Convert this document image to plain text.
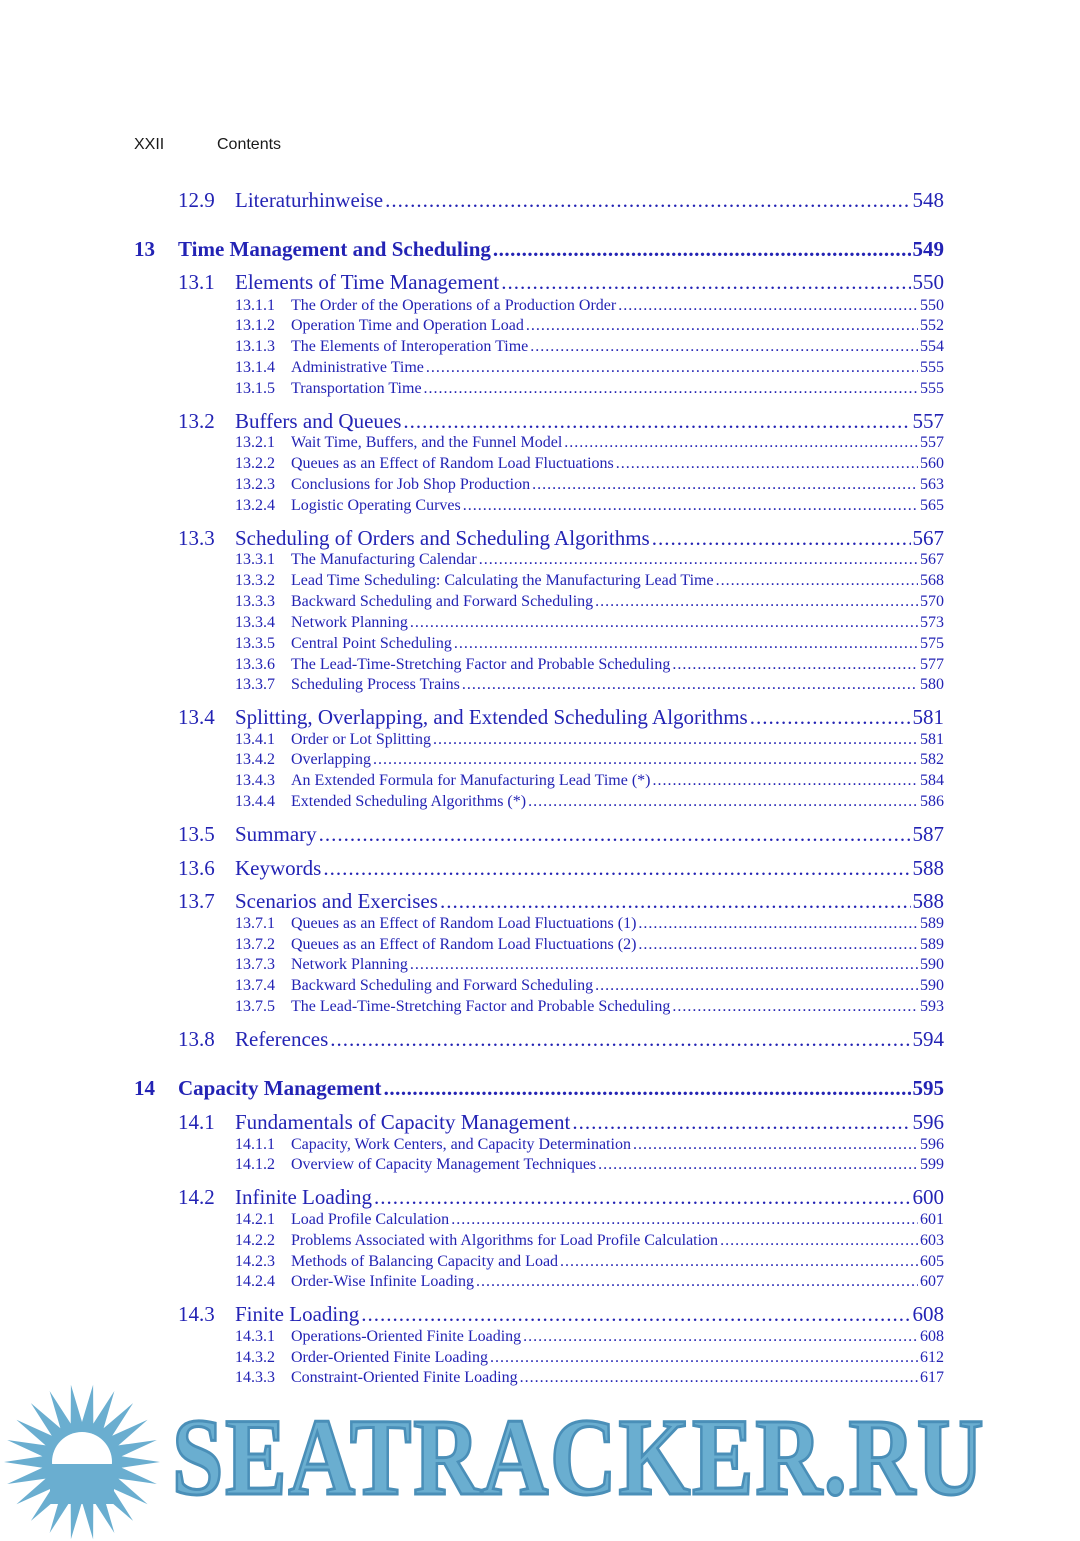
XXII	Contents
12.9 Literaturhinweise .....	548
13	Time Management and Scheduling .....	549
13.1 Elements of Time Management .....	550
13.1.1	The Order of the Operations of a Production Order .....	550
13.1.2	Operation Time and Operation Load .....	552
13.1.3	The Elements of Interoperation Time .....	554
13.1.4	Administrative Time .....	555
13.1.5	Transportation Time .....	555
13.2 Buffers and Queues .....	557
13.2.1	Wait Time, Buffers, and the Funnel Model .....	557
13.2.2	Queues as an Effect of Random Load Fluctuations .....	560
13.2.3	Conclusions for Job Shop Production .....	563
13.2.4	Logistic Operating Curves .....	565
13.3 Scheduling of Orders and Scheduling Algorithms .....	567
13.3.1	The Manufacturing Calendar .....	567
13.3.2	Lead Time Scheduling: Calculating the Manufacturing Lead Time .....	568
13.3.3	Backward Scheduling and Forward Scheduling .....	570
13.3.4	Network Planning .....	573
13.3.5	Central Point Scheduling .....	575
13.3.6	The Lead-Time-Stretching Factor and Probable Scheduling .....	577
13.3.7	Scheduling Process Trains .....	580
13.4 Splitting, Overlapping, and Extended Scheduling Algorithms .....	581
13.4.1	Order or Lot Splitting .....	581
13.4.2	Overlapping .....	582
13.4.3	An Extended Formula for Manufacturing Lead Time (*) .....	584
13.4.4	Extended Scheduling Algorithms (*) .....	586
13.5 Summary .....	587
13.6 Keywords .....	588
13.7 Scenarios and Exercises .....	588
13.7.1	Queues as an Effect of Random Load Fluctuations (1) .....	589
13.7.2	Queues as an Effect of Random Load Fluctuations (2) .....	589
13.7.3	Network Planning .....	590
13.7.4	Backward Scheduling and Forward Scheduling .....	590
13.7.5	The Lead-Time-Stretching Factor and Probable Scheduling .....	593
13.8 References .....	594
14	Capacity Management .....	595
14.1 Fundamentals of Capacity Management .....	596
14.1.1	Capacity, Work Centers, and Capacity Determination .....	596
14.1.2	Overview of Capacity Management Techniques .....	599
14.2 Infinite Loading .....	600
14.2.1	Load Profile Calculation .....	601
14.2.2	Problems Associated with Algorithms for Load Profile Calculation .....	603
14.2.3	Methods of Balancing Capacity and Load .....	605
14.2.4	Order-Wise Infinite Loading .....	607
14.3 Finite Loading .....	608
14.3.1	Operations-Oriented Finite Loading .....	608
14.3.2	Order-Oriented Finite Loading .....	612
14.3.3	Constraint-Oriented Finite Loading .....	617
SEATRACKER.RU
